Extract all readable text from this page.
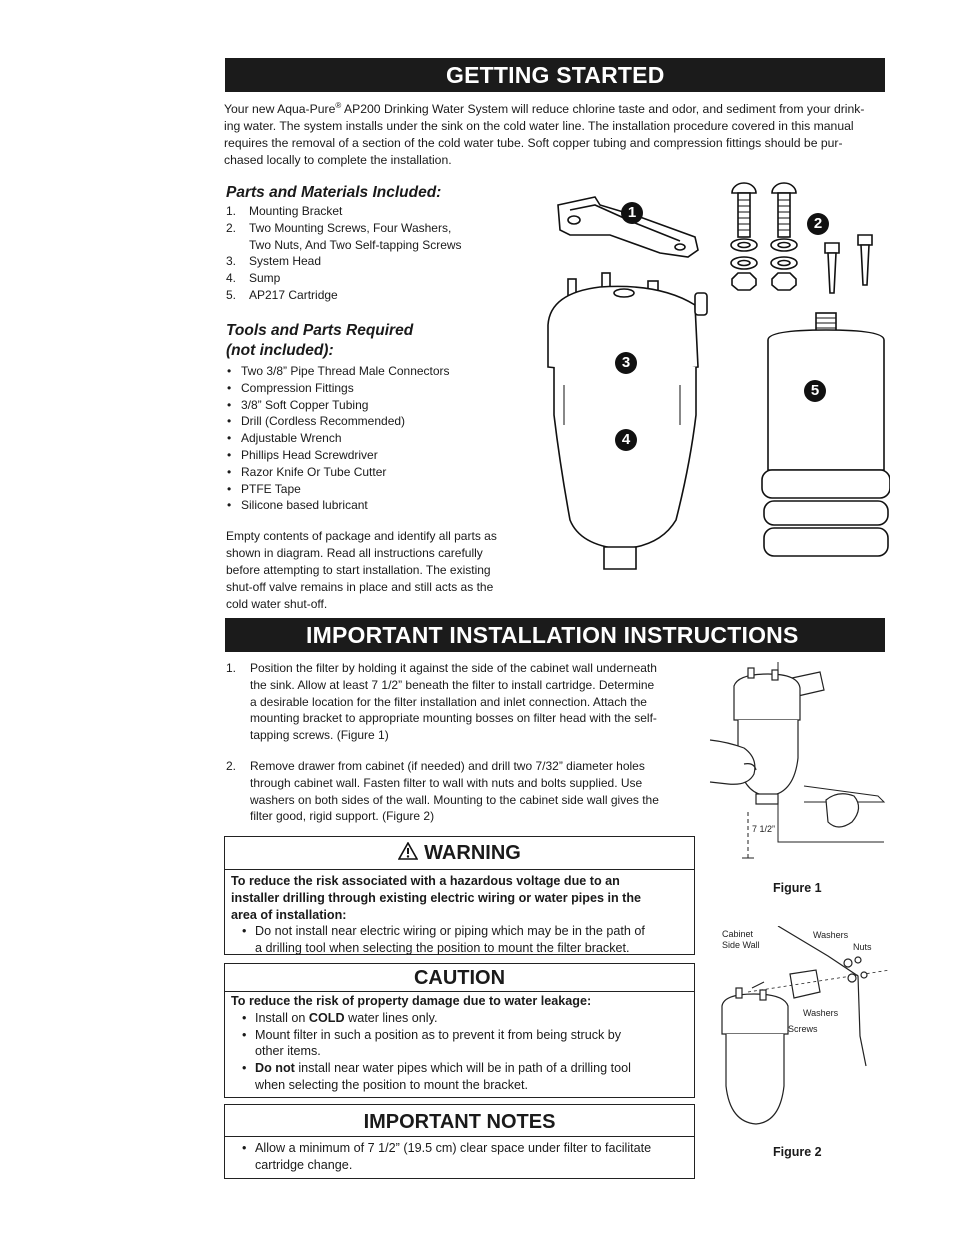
GETTING STARTED
Your new Aqua-Pure® AP200 Drinking Water System will reduce chlorine taste and odor, and sediment from your drink-
ing water. The system installs under the sink on the cold water line. The installation procedure covered in this manual
requires the removal of a section of the cold water tube. Soft copper tubing and compression fittings should be pur-
chased locally to complete the installation.
Parts and Materials Included:
1. Mounting Bracket
2. Two Mounting Screws, Four Washers,
Two Nuts, And Two Self-tapping Screws
3. System Head
4. Sump
5. AP217 Cartridge
Tools and Parts Required
(not included):
• Two 3/8” Pipe Thread Male Connectors
• Compression Fittings
• 3/8” Soft Copper Tubing
• Drill (Cordless Recommended)
• Adjustable Wrench
• Phillips Head Screwdriver
• Razor Knife Or Tube Cutter
• PTFE Tape
• Silicone based lubricant
Empty contents of package and identify all parts as
shown in diagram. Read all instructions carefully
before attempting to start installation. The existing
shut-off valve remains in place and still acts as the
cold water shut-off.
1
2
3
4
5
IMPORTANT INSTALLATION INSTRUCTIONS
1. Position the filter by holding it against the side of the cabinet wall underneath
the sink. Allow at least 7 1/2” beneath the filter to install cartridge. Determine
a desirable location for the filter installation and inlet connection. Attach the
mounting bracket to appropriate mounting bosses on filter head with the self-
tapping screws. (Figure 1)
2. Remove drawer from cabinet (if needed) and drill two 7/32” diameter holes
through cabinet wall. Fasten filter to wall with nuts and bolts supplied. Use
washers on both sides of the wall. Mounting to the cabinet side wall gives the
filter good, rigid support. (Figure 2)
WARNING
To reduce the risk associated with a hazardous voltage due to an
installer drilling through existing electric wiring or water pipes in the
area of installation:
• Do not install near electric wiring or piping which may be in the path of
a drilling tool when selecting the position to mount the filter bracket.
CAUTION
To reduce the risk of property damage due to water leakage:
• Install on COLD water lines only.
• Mount filter in such a position as to prevent it from being struck by
other items.
• Do not install near water pipes which will be in path of a drilling tool
when selecting the position to mount the bracket.
IMPORTANT NOTES
• Allow a minimum of 7 1/2” (19.5 cm) clear space under filter to facilitate
cartridge change.
7 1/2”
Figure 1
Cabinet
Side Wall
Washers
Nuts
Washers
Screws
Figure 2
